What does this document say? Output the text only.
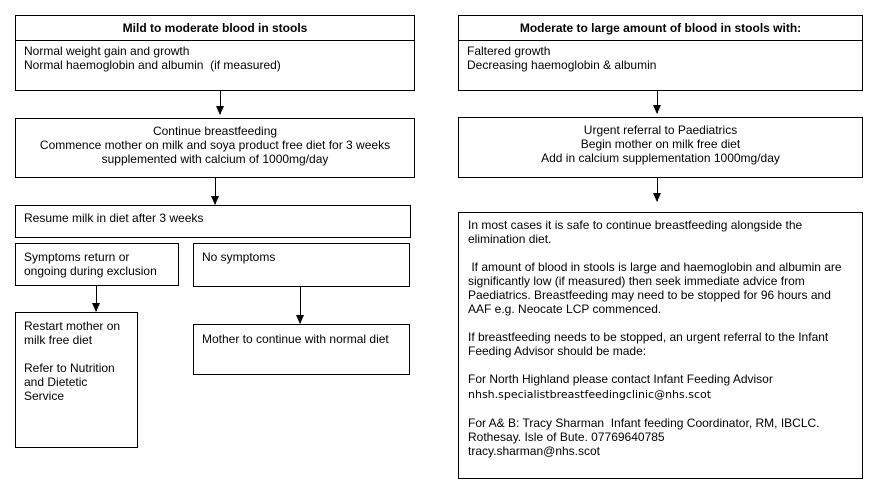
Mild to moderate blood in stools
Normal weight gain and growth
Normal haemoglobin and albumin  (if measured)
Continue breastfeeding
Commence mother on milk and soya product free diet for 3 weeks
supplemented with calcium of 1000mg/day
Resume milk in diet after 3 weeks
Symptoms return or
ongoing during exclusion
No symptoms
Restart mother on
milk free diet
Refer to Nutrition
and Dietetic
Service
Mother to continue with normal diet
Moderate to large amount of blood in stools with:
Faltered growth
Decreasing haemoglobin & albumin
Urgent referral to Paediatrics
Begin mother on milk free diet
Add in calcium supplementation 1000mg/day

In most cases it is safe to continue breastfeeding alongside the elimination diet.

If amount of blood in stools is large and haemoglobin and albumin are significantly low (if measured) then seek immediate advice from Paediatrics. Breastfeeding may need to be stopped for 96 hours and AAF e.g. Neocate LCP commenced.

If breastfeeding needs to be stopped, an urgent referral to the Infant Feeding Advisor should be made:

For North Highland please contact Infant Feeding Advisor

nhsh.specialistbreastfeedingclinic@nhs.scot

For A& B: Tracy Sharman  Infant feeding Coordinator, RM, IBCLC.
Rothesay. Isle of Bute. 07769640785
tracy.sharman@nhs.scot
